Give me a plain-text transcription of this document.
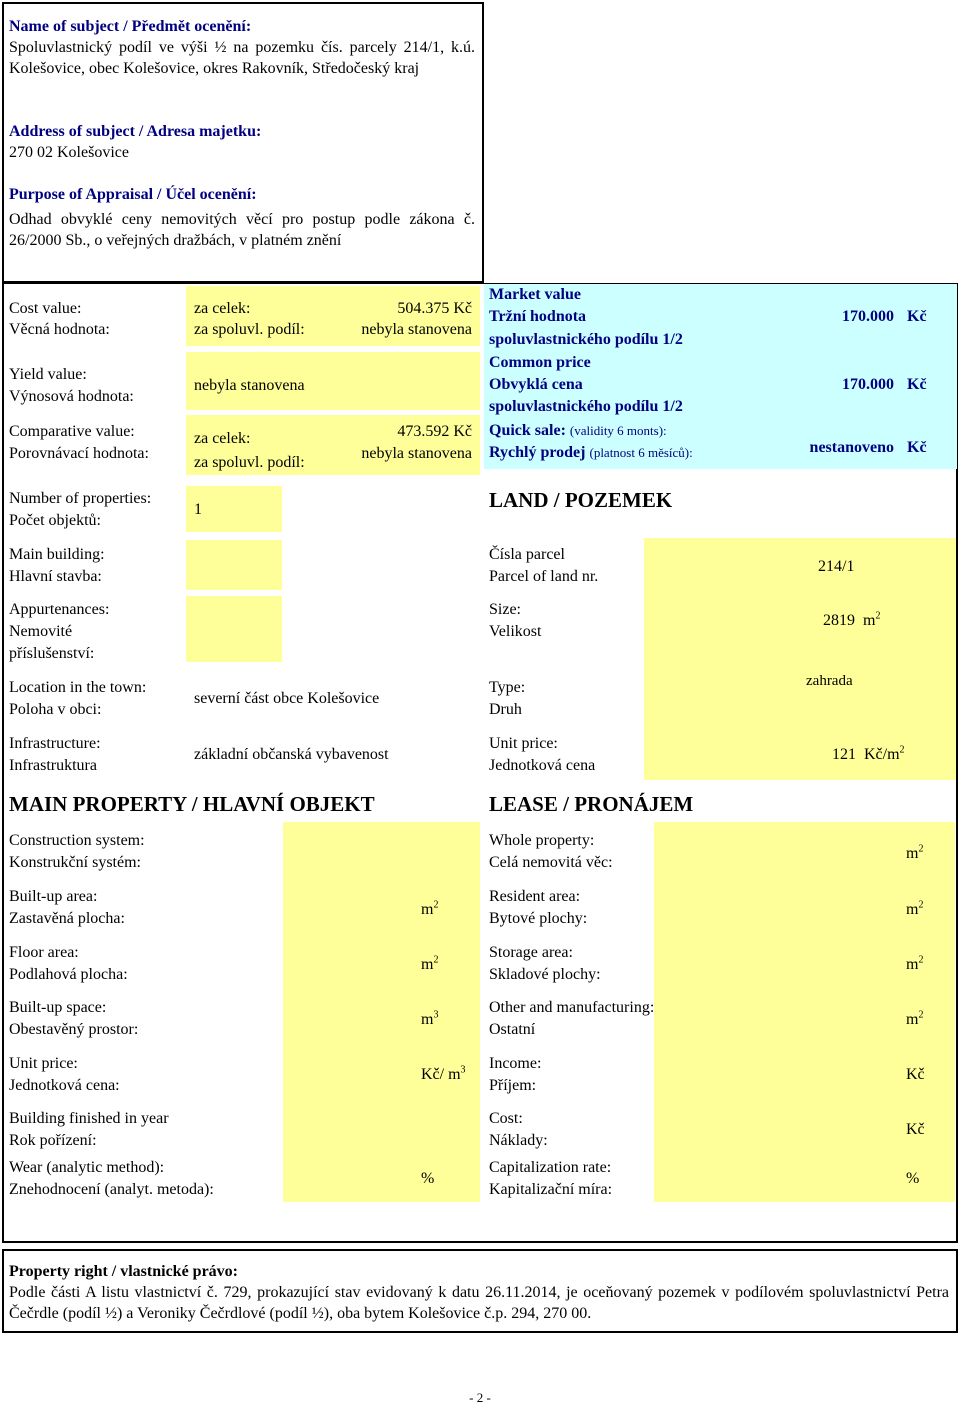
Name of subject / Předmět ocenění:
Spoluvlastnický podíl ve výši ½ na pozemku čís. parcely 214/1, k.ú. Kolešovice, obec Kolešovice, okres Rakovník, Středočeský kraj
Address of subject / Adresa majetku:
270 02 Kolešovice
Purpose of Appraisal / Účel ocenění:
Odhad obvyklé ceny nemovitých věcí pro postup podle zákona č. 26/2000 Sb., o veřejných dražbách, v platném znění
Cost value:
Věcná hodnota:
za celek:	504.375 Kč
za spoluvl. podíl:	nebyla stanovena
Yield value:
Výnosová hodnota:
nebyla stanovena
Comparative value:
Porovnávací hodnota:
za celek:	473.592 Kč
za spoluvl. podíl:
nebyla stanovena
Market value
Tržní hodnota
spoluvlastnického podílu 1/2
170.000 Kč
Common price
Obvyklá cena
spoluvlastnického podílu 1/2
170.000 Kč
Quick sale: (validity 6 monts):
Rychlý prodej (platnost 6 měsíců):	nestanoveno Kč
Number of properties:
Počet objektů:
1
Main building:
Hlavní stavba:
Appurtenances:
Nemovité
příslušenství:
Location in the town:
Poloha v obci:
severní část obce Kolešovice
Infrastructure:
Infrastruktura
základní občanská vybavenost
LAND / POZEMEK
Čísla parcel
Parcel of land nr.
214/1
Size:
Velikost
2819 $m^2$
Type:
Druh
zahrada
Unit price:
Jednotková cena
121 $Kč/m^2$
MAIN PROPERTY / HLAVNÍ OBJEKT
Construction system:
Konstrukční systém:
Built-up area:
Zastavěná plocha:
$m^2$
Floor area:
Podlahová plocha:
$m^2$
Built-up space:
Obestavěný prostor:
$m^3$
Unit price:
Jednotková cena:
Kč/ $m^3$
Building finished in year
Rok pořízení:
Wear (analytic method):
Znehodnocení (analyt. metoda):
%
LEASE / PRONÁJEM
Whole property:
Celá nemovitá věc:
$m^2$
Resident area:
Bytové plochy:
$m^2$
Storage area:
Skladové plochy:
$m^2$
Other and manufacturing:
Ostatní
$m^2$
Income:
Příjem:
Kč
Cost:
Náklady:
Kč
Capitalization rate:
Kapitalizační míra:
%
Property right / vlastnické právo:
Podle části A listu vlastnictví č. 729, prokazující stav evidovaný k datu 26.11.2014, je oceňovaný pozemek v podílovém spoluvlastnictví Petra Čečrdle (podíl ½) a Veroniky Čečrdlové (podíl ½), oba bytem Kolešovice č.p. 294, 270 00.
- 2 -
